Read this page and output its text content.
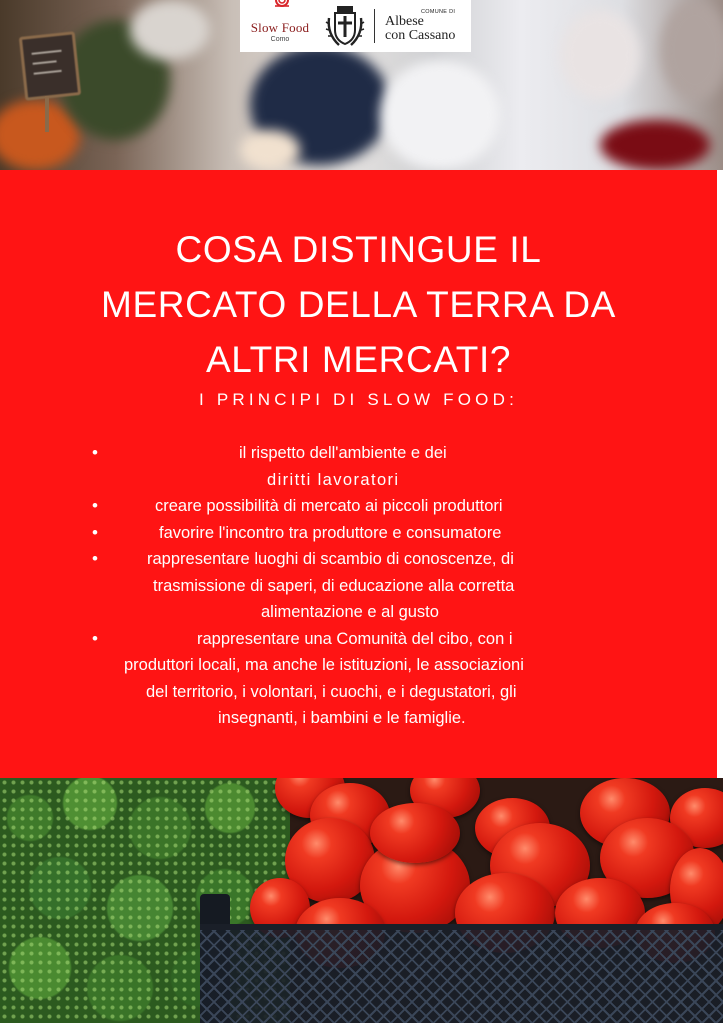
Slow Food
Como
COMUNE DI
Albese
con Cassano
COSA DISTINGUE IL
MERCATO DELLA TERRA DA
ALTRI MERCATI?

I PRINCIPI DI SLOW FOOD:

•	il rispetto dell'ambiente e dei
diritti lavoratori
•	creare possibilità di mercato ai piccoli produttori
•	favorire l'incontro tra produttore e consumatore
•	rappresentare luoghi di scambio di conoscenze, di
trasmissione di saperi, di educazione alla corretta
alimentazione e al gusto
•	rappresentare una Comunità del cibo, con i
produttori locali, ma anche le istituzioni, le associazioni
del territorio, i volontari, i cuochi, e i degustatori, gli
insegnanti, i bambini e le famiglie.
